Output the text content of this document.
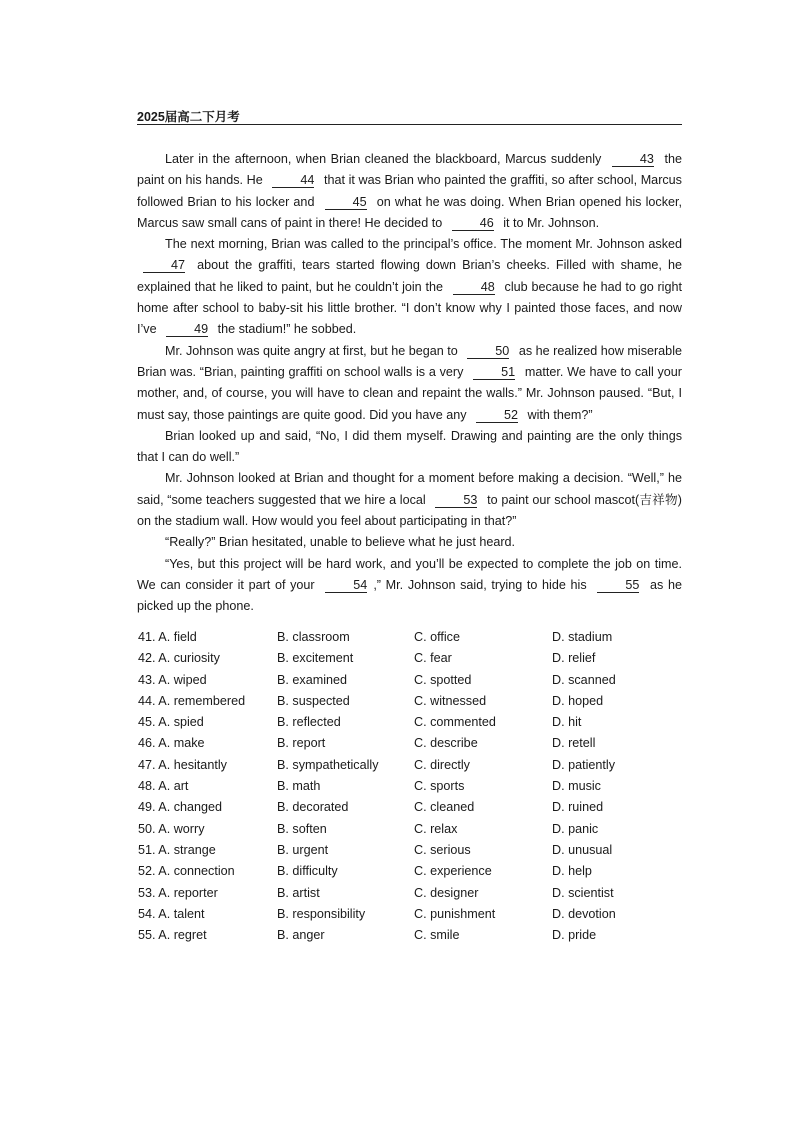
2025届高二下月考

Later in the afternoon, when Brian cleaned the blackboard, Marcus suddenly	43 the paint on his hands. He	44 that it was Brian who painted the graffiti, so after school, Marcus followed Brian to his locker and	45 on what he was doing. When Brian opened his locker, Marcus saw small cans of paint in there! He decided to	46 it to Mr. Johnson.

The next morning, Brian was called to the principal’s office. The moment Mr. Johnson asked 47 about the graffiti, tears started flowing down Brian’s cheeks. Filled with shame, he explained that he liked to paint, but he couldn’t join the	48 club because he had to go right home after school to baby-sit his little brother. “I don’t know why I painted those faces, and now I’ve	49 the stadium!” he sobbed.

Mr. Johnson was quite angry at first, but he began to	50 as he realized how miserable Brian was. “Brian, painting graffiti on school walls is a very	51 matter. We have to call your mother, and, of course, you will have to clean and repaint the walls.” Mr. Johnson paused. “But, I must say, those paintings are quite good. Did you have any	52 with them?”

Brian looked up and said, “No, I did them myself. Drawing and painting are the only things that I can do well.”

Mr. Johnson looked at Brian and thought for a moment before making a decision. “Well,” he said, “some teachers suggested that we hire a local	53 to paint our school mascot(吉祥物) on the stadium wall. How would you feel about participating in that?”

“Really?” Brian hesitated, unable to believe what he just heard.

“Yes, but this project will be hard work, and you’ll be expected to complete the job on time. We can consider it part of your	54 ,” Mr. Johnson said, trying to hide his	55 as he picked up the phone.

41. A. field	B. classroom	C. office	D. stadium
42. A. curiosity	B. excitement	C. fear	D. relief
43. A. wiped	B. examined	C. spotted	D. scanned
44. A. remembered	B. suspected	C. witnessed	D. hoped
45. A. spied	B. reflected	C. commented	D. hit
46. A. make	B. report	C. describe	D. retell
47. A. hesitantly	B. sympathetically	C. directly	D. patiently
48. A. art	B. math	C. sports	D. music
49. A. changed	B. decorated	C. cleaned	D. ruined
50. A. worry	B. soften	C. relax	D. panic
51. A. strange	B. urgent	C. serious	D. unusual
52. A. connection	B. difficulty	C. experience	D. help
53. A. reporter	B. artist	C. designer	D. scientist
54. A. talent	B. responsibility	C. punishment	D. devotion
55. A. regret	B. anger	C. smile	D. pride
